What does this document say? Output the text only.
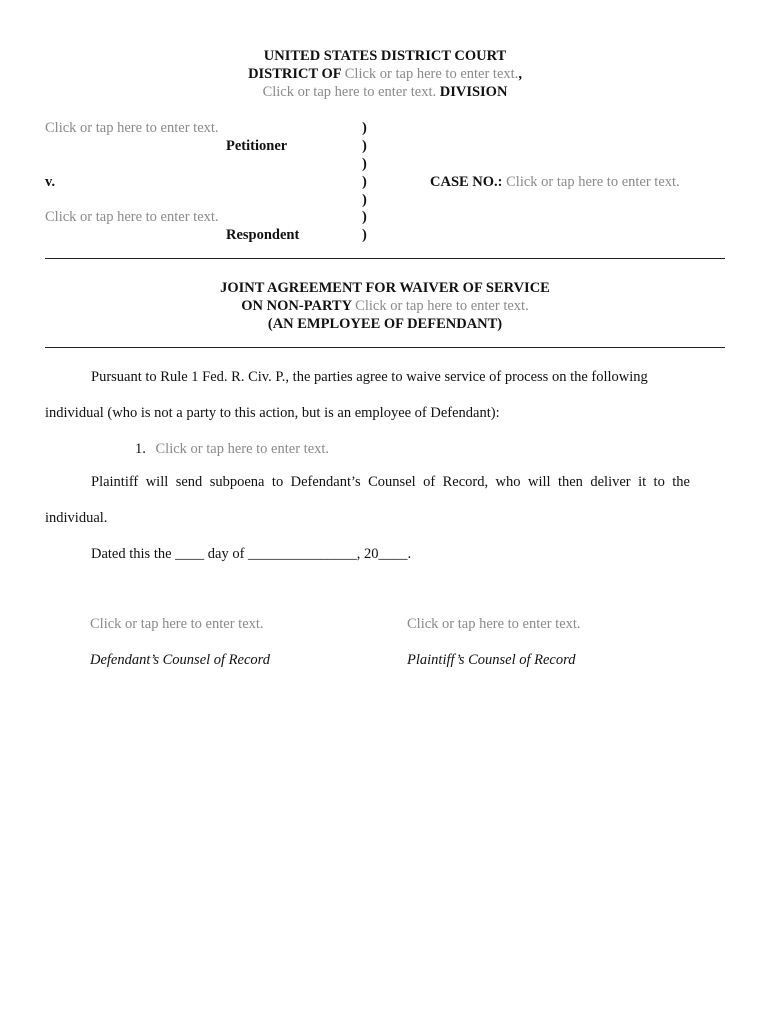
UNITED STATES DISTRICT COURT
DISTRICT OF Click or tap here to enter text.,
Click or tap here to enter text. DIVISION
Click or tap here to enter text.
Petitioner
v.
Click or tap here to enter text.
Respondent
)
)
)
)
)
)
)
CASE NO.: Click or tap here to enter text.
JOINT AGREEMENT FOR WAIVER OF SERVICE
ON NON-PARTY Click or tap here to enter text.
(AN EMPLOYEE OF DEFENDANT)
Pursuant to Rule 1 Fed. R. Civ. P., the parties agree to waive service of process on the following
individual (who is not a party to this action, but is an employee of Defendant):
1. Click or tap here to enter text.
Plaintiff will send subpoena to Defendant’s Counsel of Record, who will then deliver it to the
individual.
Dated this the ____ day of _______________, 20____.
Click or tap here to enter text.
Defendant’s Counsel of Record
Click or tap here to enter text.
Plaintiff’s Counsel of Record
